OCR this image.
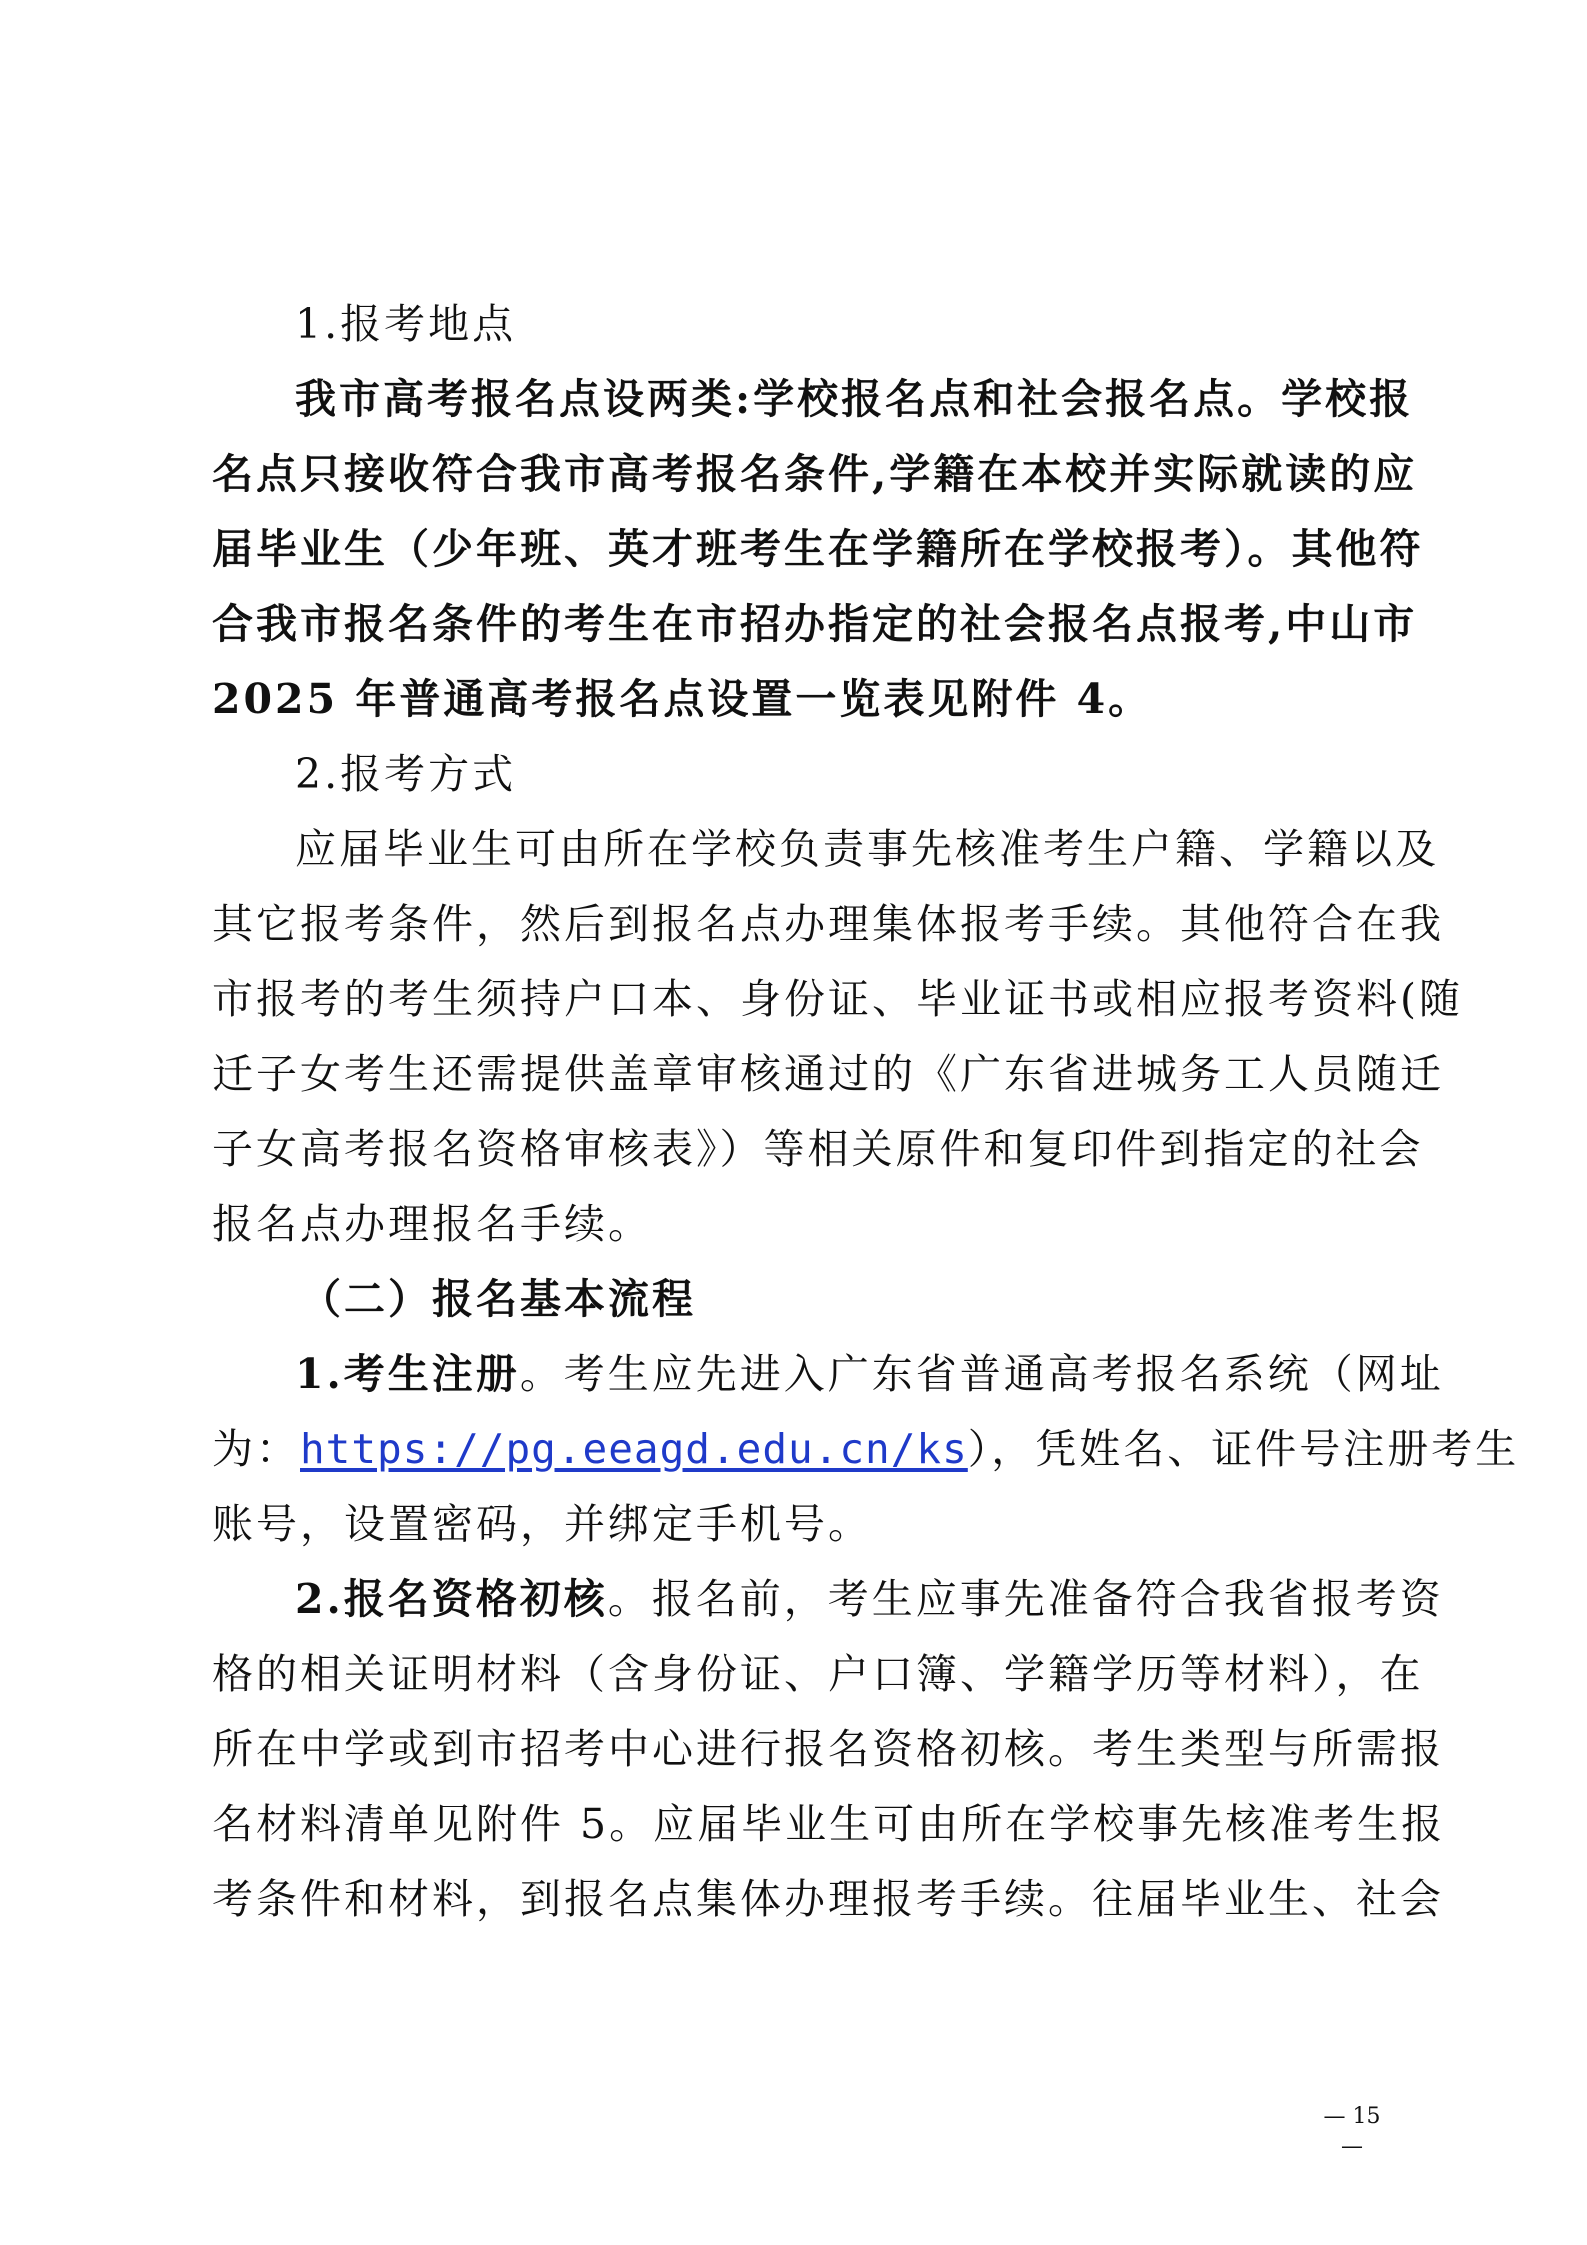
1.报考地点
我市高考报名点设两类:学校报名点和社会报名点。学校报
名点只接收符合我市高考报名条件,学籍在本校并实际就读的应
届毕业生（少年班、英才班考生在学籍所在学校报考）。其他符
合我市报名条件的考生在市招办指定的社会报名点报考,中山市
2025 年普通高考报名点设置一览表见附件 4。
2.报考方式
应届毕业生可由所在学校负责事先核准考生户籍、学籍以及
其它报考条件，然后到报名点办理集体报考手续。其他符合在我
市报考的考生须持户口本、身份证、毕业证书或相应报考资料(随
迁子女考生还需提供盖章审核通过的《广东省进城务工人员随迁
子女高考报名资格审核表》）等相关原件和复印件到指定的社会
报名点办理报名手续。
（二）报名基本流程
1.考生注册。考生应先进入广东省普通高考报名系统（网址
为：https://pg.eeagd.edu.cn/ks），凭姓名、证件号注册考生
账号，设置密码，并绑定手机号。
2.报名资格初核。报名前，考生应事先准备符合我省报考资
格的相关证明材料（含身份证、户口簿、学籍学历等材料），在
所在中学或到市招考中心进行报名资格初核。考生类型与所需报
名材料清单见附件 5。应届毕业生可由所在学校事先核准考生报
考条件和材料，到报名点集体办理报考手续。往届毕业生、社会
— 15 —
